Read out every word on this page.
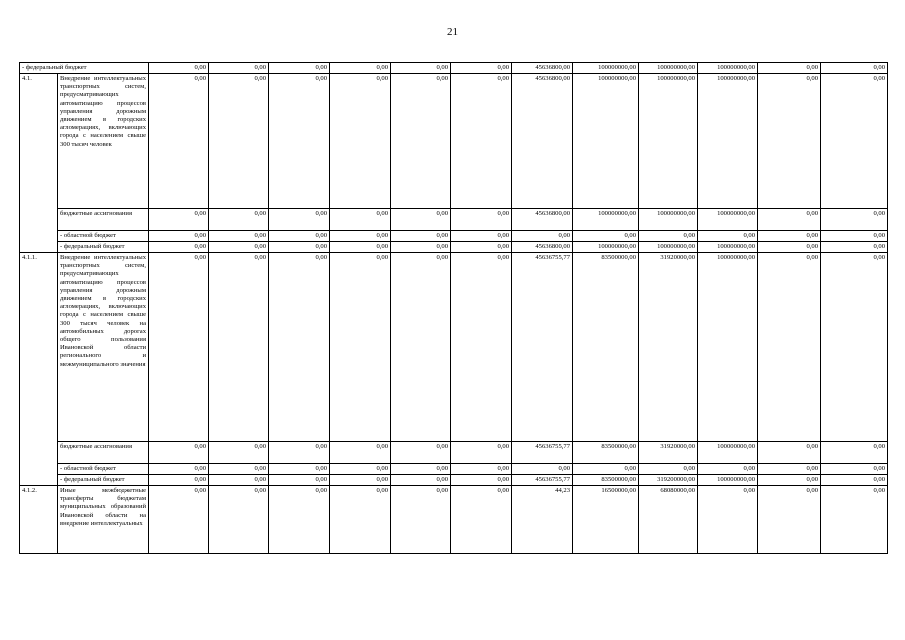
21
- федеральный бюджет		0,00	0,00	0,00	0,00	0,00	0,00	45636800,00	100000000,00	100000000,00	100000000,00	0,00	0,00
4.1.	Внедрение интеллектуальных транспортных систем, предусматривающих автоматизацию процессов управления дорожным движением в городских агломерациях, включающих города с населением свыше 300 тысяч человек	0,00	0,00	0,00	0,00	0,00	0,00	45636800,00	100000000,00	100000000,00	100000000,00	0,00	0,00
	бюджетные ассигнования	0,00	0,00	0,00	0,00	0,00	0,00	45636800,00	100000000,00	100000000,00	100000000,00	0,00	0,00
	- областной бюджет	0,00	0,00	0,00	0,00	0,00	0,00	0,00	0,00	0,00	0,00	0,00	0,00
	- федеральный бюджет	0,00	0,00	0,00	0,00	0,00	0,00	45636800,00	100000000,00	100000000,00	100000000,00	0,00	0,00
4.1.1.	Внедрение интеллектуальных транспортных систем, предусматривающих автоматизацию процессов управления дорожным движением в городских агломерациях, включающих города с населением свыше 300 тысяч человек на автомобильных дорогах общего пользования Ивановской области регионального и межмуниципального значения	0,00	0,00	0,00	0,00	0,00	0,00	45636755,77	83500000,00	31920000,00	100000000,00	0,00	0,00
	бюджетные ассигнования	0,00	0,00	0,00	0,00	0,00	0,00	45636755,77	83500000,00	31920000,00	100000000,00	0,00	0,00
	- областной бюджет	0,00	0,00	0,00	0,00	0,00	0,00	0,00	0,00	0,00	0,00	0,00	0,00
	- федеральный бюджет	0,00	0,00	0,00	0,00	0,00	0,00	45636755,77	83500000,00	319200000,00	100000000,00	0,00	0,00
4.1.2.	Иные межбюджетные трансферты бюджетам муниципальных образований Ивановской области на внедрение интеллектуальных	0,00	0,00	0,00	0,00	0,00	0,00	44,23	16500000,00	68080000,00	0,00	0,00	0,00
